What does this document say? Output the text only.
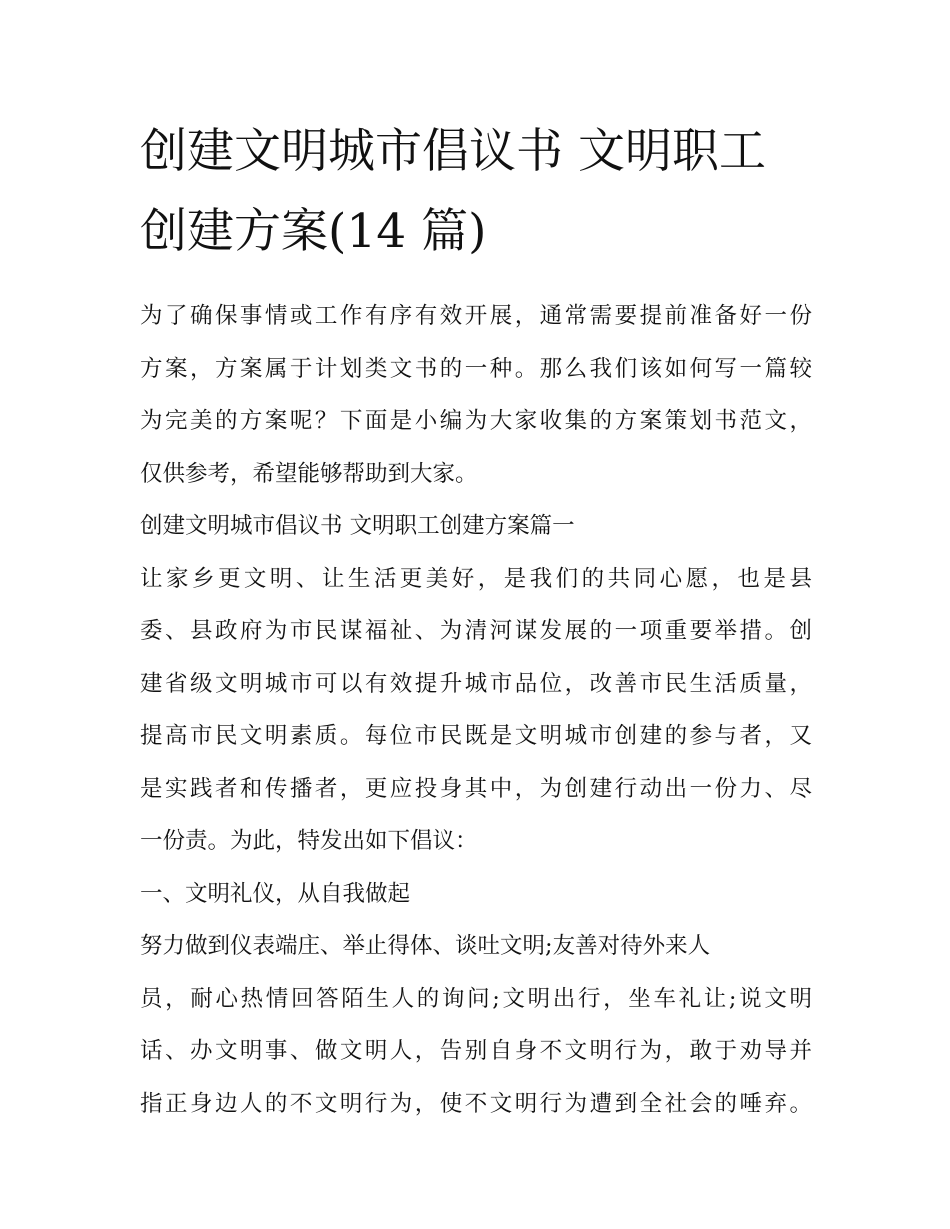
创建文明城市倡议书 文明职工
创建方案(14 篇)

为了确保事情或工作有序有效开展，通常需要提前准备好一份
方案，方案属于计划类文书的一种。那么我们该如何写一篇较
为完美的方案呢？下面是小编为大家收集的方案策划书范文，
仅供参考，希望能够帮助到大家。

创建文明城市倡议书 文明职工创建方案篇一

让家乡更文明、让生活更美好，是我们的共同心愿，也是县
委、县政府为市民谋福祉、为清河谋发展的一项重要举措。创
建省级文明城市可以有效提升城市品位，改善市民生活质量，
提高市民文明素质。每位市民既是文明城市创建的参与者，又
是实践者和传播者，更应投身其中，为创建行动出一份力、尽
一份责。为此，特发出如下倡议：

一、文明礼仪，从自我做起

努力做到仪表端庄、举止得体、谈吐文明;友善对待外来人
员，耐心热情回答陌生人的询问;文明出行，坐车礼让;说文明
话、办文明事、做文明人，告别自身不文明行为，敢于劝导并
指正身边人的不文明行为，使不文明行为遭到全社会的唾弃。
